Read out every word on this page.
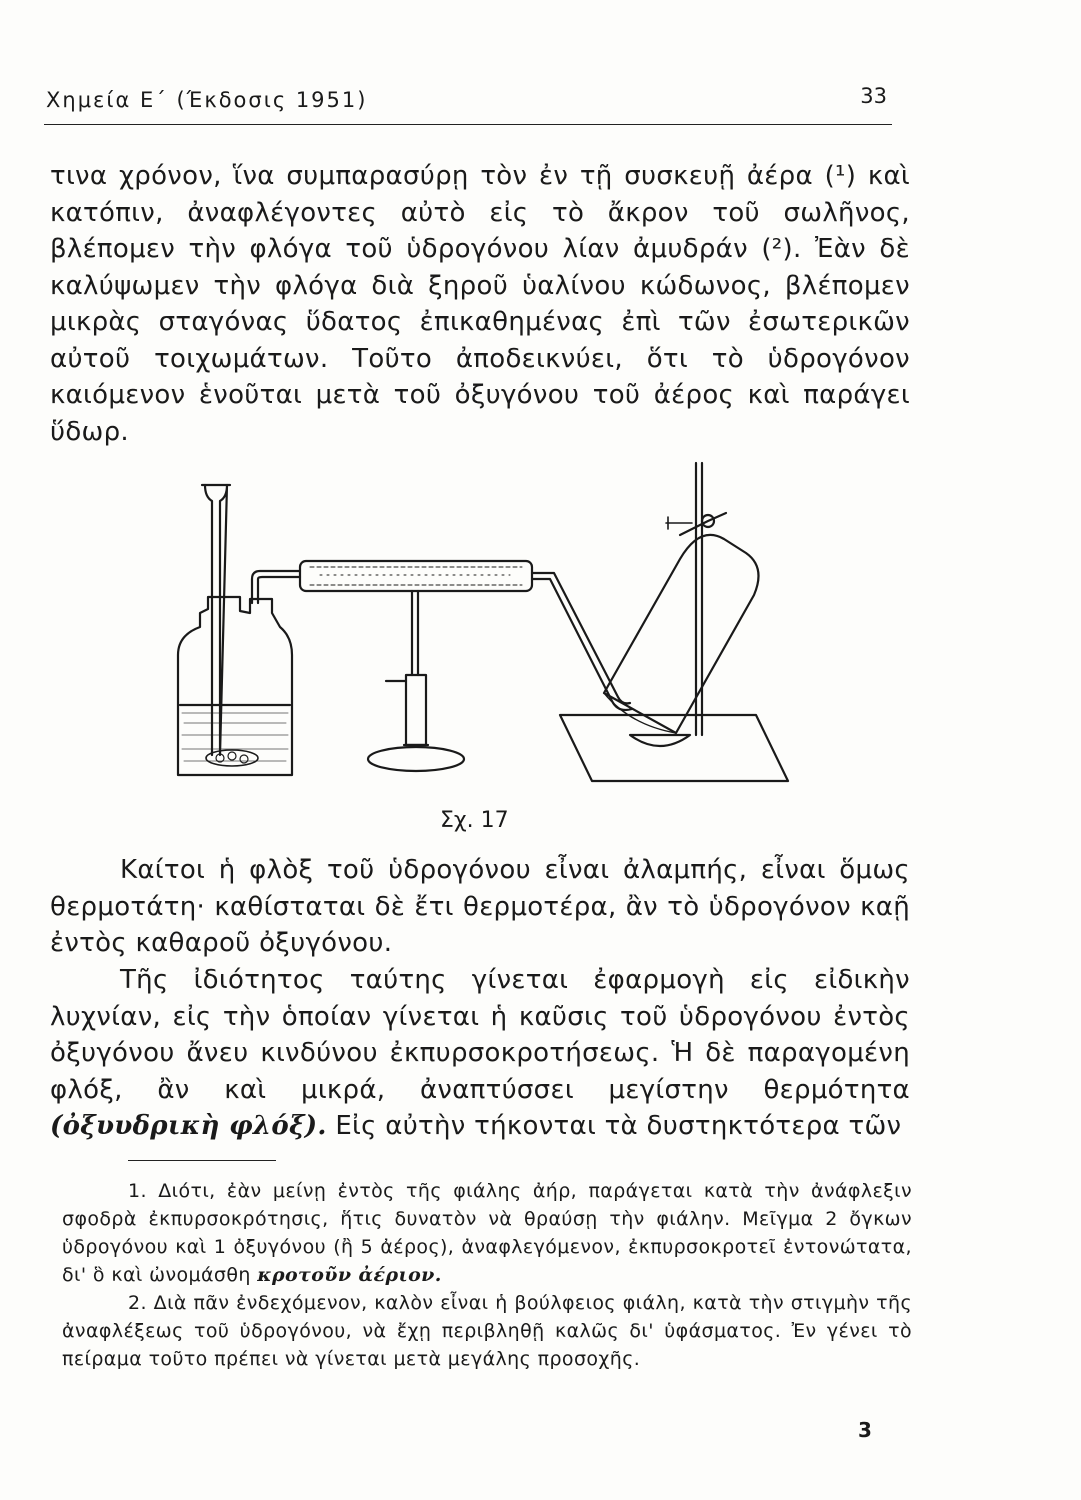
Χημεία Ε΄ (Έκδοσις 1951)	33

τινα χρόνον, ἵνα συμπαρασύρῃ τὸν ἐν τῇ συσκευῇ ἀέρα (¹) καὶ κατόπιν, ἀναφλέγοντες αὐτὸ εἰς τὸ ἄκρον τοῦ σωλῆνος, βλέπομεν τὴν φλόγα τοῦ ὑδρογόνου λίαν ἀμυδράν (²). Ἐὰν δὲ καλύψωμεν τὴν φλόγα διὰ ξηροῦ ὑαλίνου κώδωνος, βλέπομεν μικρὰς σταγόνας ὕδατος ἐπικαθημένας ἐπὶ τῶν ἐσωτερικῶν αὐτοῦ τοιχωμάτων. Τοῦτο ἀποδεικνύει, ὅτι τὸ ὑδρογόνον καιόμενον ἑνοῦται μετὰ τοῦ ὀξυγόνου τοῦ ἀέρος καὶ παράγει ὕδωρ.

Σχ. 17

Καίτοι ἡ φλὸξ τοῦ ὑδρογόνου εἶναι ἀλαμπής, εἶναι ὅμως θερμοτάτη· καθίσταται δὲ ἔτι θερμοτέρα, ἂν τὸ ὑδρογόνον καῇ ἐντὸς καθαροῦ ὀξυγόνου.

Τῆς ἰδιότητος ταύτης γίνεται ἐφαρμογὴ εἰς εἰδικὴν λυχνίαν, εἰς τὴν ὁποίαν γίνεται ἡ καῦσις τοῦ ὑδρογόνου ἐντὸς ὀξυγόνου ἄνευ κινδύνου ἐκπυρσοκροτήσεως. Ἡ δὲ παραγομένη φλόξ, ἂν καὶ μικρά, ἀναπτύσσει μεγίστην θερμότητα (ὀξυυδρικὴ φλόξ). Εἰς αὐτὴν τήκονται τὰ δυστηκτότερα τῶν

1. Διότι, ἐὰν μείνῃ ἐντὸς τῆς φιάλης ἀήρ, παράγεται κατὰ τὴν ἀνάφλεξιν σφοδρὰ ἐκπυρσοκρότησις, ἥτις δυνατὸν νὰ θραύσῃ τὴν φιάλην. Μεῖγμα 2 ὄγκων ὑδρογόνου καὶ 1 ὀξυγόνου (ἢ 5 ἀέρος), ἀναφλεγόμενον, ἐκπυρσοκροτεῖ ἐντονώτατα, δι' ὃ καὶ ὠνομάσθη κροτοῦν ἀέριον.

2. Διὰ πᾶν ἐνδεχόμενον, καλὸν εἶναι ἡ βούλφειος φιάλη, κατὰ τὴν στιγμὴν τῆς ἀναφλέξεως τοῦ ὑδρογόνου, νὰ ἔχῃ περιβληθῇ καλῶς δι' ὑφάσματος. Ἐν γένει τὸ πείραμα τοῦτο πρέπει νὰ γίνεται μετὰ μεγάλης προσοχῆς.

3
